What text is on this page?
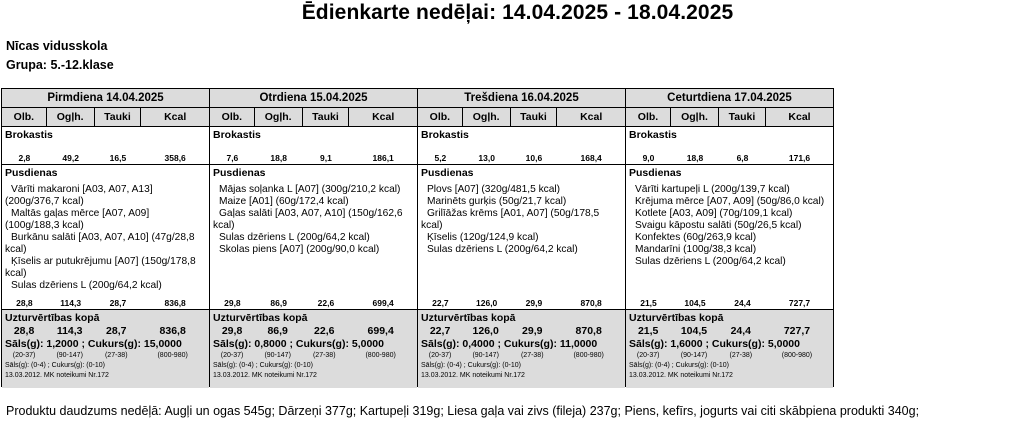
Ēdienkarte nedēļai: 14.04.2025 - 18.04.2025
Nīcas vidusskola
Grupa: 5.-12.klase
Pirmdiena 14.04.2025
Olb.	Ogļh.	Tauki	Kcal
Brokastis
2,8	49,2	16,5	358,6
Pusdienas
Vārīti makaroni [A03, A07, A13] (200g/376,7 kcal)
Maltās gaļas mērce [A07, A09] (100g/188,3 kcal)
Burkānu salāti [A03, A07, A10] (47g/28,8 kcal)
Ķīselis ar putukrējumu [A07] (150g/178,8 kcal)
Sulas dzēriens L (200g/64,2 kcal)
28,8	114,3	28,7	836,8
Uzturvērtības kopā
28,8	114,3	28,7	836,8
Sāls(g): 1,2000 ; Cukurs(g): 15,0000
(20-37)	(90-147)	(27-38)	(800-980)
Sāls(g): (0-4) ; Cukurs(g): (0-10)
13.03.2012. MK noteikumi Nr.172
Otrdiena 15.04.2025
Olb.	Ogļh.	Tauki	Kcal
Brokastis
7,6	18,8	9,1	186,1
Pusdienas
Mājas soļanka L [A07] (300g/210,2 kcal)
Maize [A01] (60g/172,4 kcal)
Gaļas salāti [A03, A07, A10] (150g/162,6 kcal)
Sulas dzēriens L (200g/64,2 kcal)
Skolas piens [A07] (200g/90,0 kcal)
29,8	86,9	22,6	699,4
Uzturvērtības kopā
29,8	86,9	22,6	699,4
Sāls(g): 0,8000 ; Cukurs(g): 5,0000
(20-37)	(90-147)	(27-38)	(800-980)
Sāls(g): (0-4) ; Cukurs(g): (0-10)
13.03.2012. MK noteikumi Nr.172
Trešdiena 16.04.2025
Olb.	Ogļh.	Tauki	Kcal
Brokastis
5,2	13,0	10,6	168,4
Pusdienas
Plovs [A07] (320g/481,5 kcal)
Marinēts gurķis (50g/21,7 kcal)
Grilīāžas krēms [A01, A07] (50g/178,5 kcal)
Ķīselis (120g/124,9 kcal)
Sulas dzēriens L (200g/64,2 kcal)
22,7	126,0	29,9	870,8
Uzturvērtības kopā
22,7	126,0	29,9	870,8
Sāls(g): 0,4000 ; Cukurs(g): 11,0000
(20-37)	(90-147)	(27-38)	(800-980)
Sāls(g): (0-4) ; Cukurs(g): (0-10)
13.03.2012. MK noteikumi Nr.172
Ceturtdiena 17.04.2025
Olb.	Ogļh.	Tauki	Kcal
Brokastis
9,0	18,8	6,8	171,6
Pusdienas
Vārīti kartupeļi L (200g/139,7 kcal)
Krējuma mērce [A07, A09] (50g/86,0 kcal)
Kotlete [A03, A09] (70g/109,1 kcal)
Svaigu kāpostu salāti (50g/26,5 kcal)
Konfektes (60g/263,9 kcal)
Mandarīni (100g/38,3 kcal)
Sulas dzēriens L (200g/64,2 kcal)
21,5	104,5	24,4	727,7
Uzturvērtības kopā
21,5	104,5	24,4	727,7
Sāls(g): 1,6000 ; Cukurs(g): 5,0000
(20-37)	(90-147)	(27-38)	(800-980)
Sāls(g): (0-4) ; Cukurs(g): (0-10)
13.03.2012. MK noteikumi Nr.172
Produktu daudzums nedēļā: Augļi un ogas 545g; Dārzeņi 377g; Kartupeļi 319g; Liesa gaļa vai zivs (fileja) 237g; Piens, kefīrs, jogurts vai citi skābpiena produkti 340g;
